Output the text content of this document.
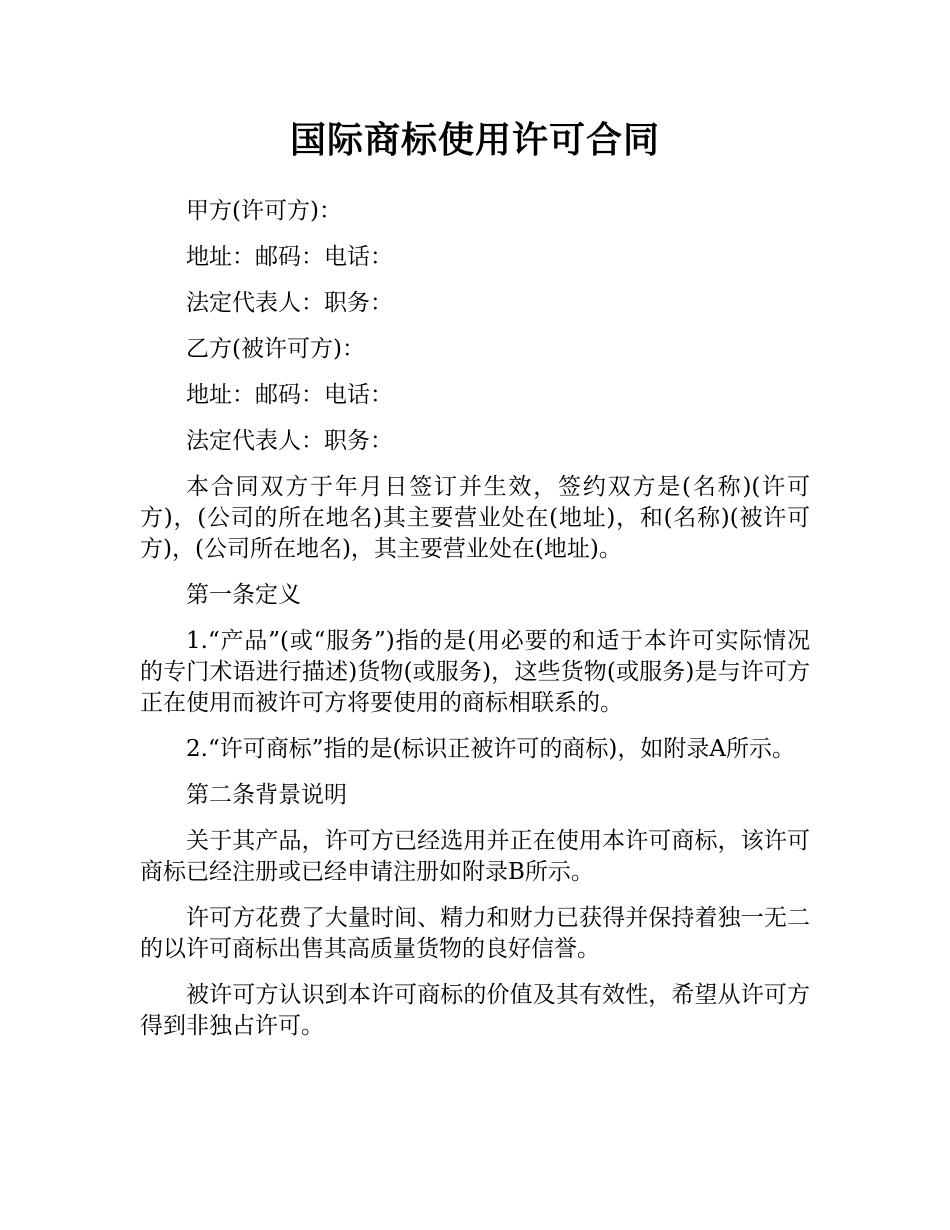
国际商标使用许可合同

甲方(许可方)：

地址：邮码：电话：

法定代表人：职务：

乙方(被许可方)：

地址：邮码：电话：

法定代表人：职务：

本合同双方于年月日签订并生效，签约双方是(名称)(许可方)，(公司的所在地名)其主要营业处在(地址)，和(名称)(被许可方)，(公司所在地名)，其主要营业处在(地址)。

第一条定义

1.“产品”(或“服务”)指的是(用必要的和适于本许可实际情况的专门术语进行描述)货物(或服务)，这些货物(或服务)是与许可方正在使用而被许可方将要使用的商标相联系的。

2.“许可商标”指的是(标识正被许可的商标)，如附录A所示。

第二条背景说明

关于其产品，许可方已经选用并正在使用本许可商标，该许可商标已经注册或已经申请注册如附录B所示。

许可方花费了大量时间、精力和财力已获得并保持着独一无二的以许可商标出售其高质量货物的良好信誉。

被许可方认识到本许可商标的价值及其有效性，希望从许可方得到非独占许可。
